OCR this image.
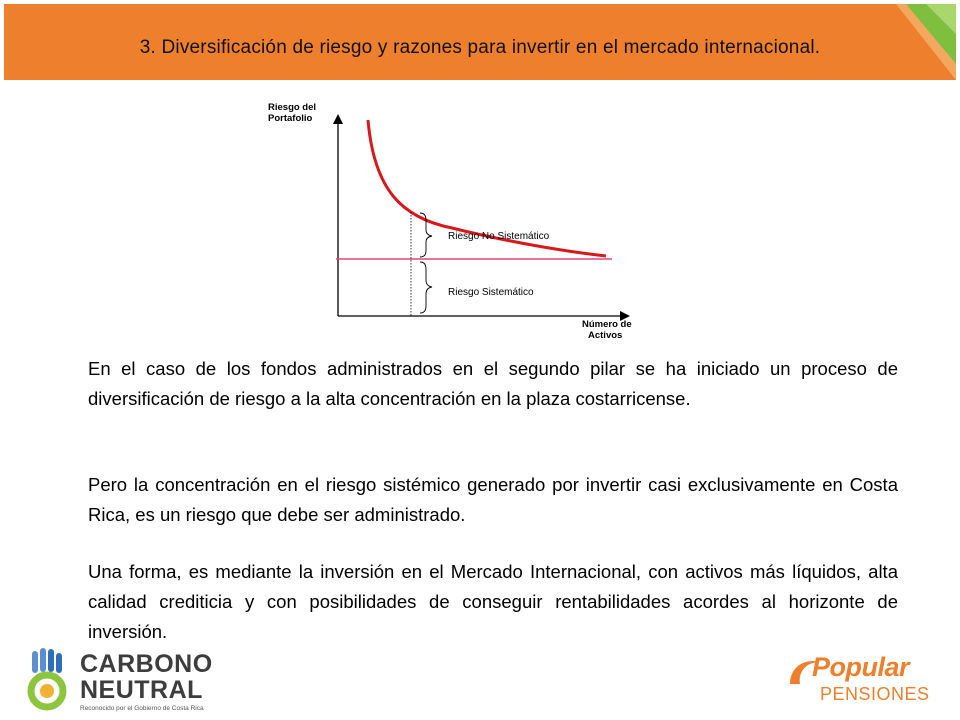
3. Diversificación de riesgo y razones para invertir en el mercado internacional.
Riesgo del
Portafolio
Número de
Activos
Riesgo No Sistemático
Riesgo Sistemático

En el caso de los fondos administrados en el segundo pilar se ha iniciado un proceso de diversificación de riesgo a la alta concentración en la plaza costarricense.

Pero la concentración en el riesgo sistémico generado por invertir casi exclusivamente en Costa Rica, es un riesgo que debe ser administrado.

Una forma, es mediante la inversión en el Mercado Internacional, con activos más líquidos, alta calidad crediticia y con posibilidades de conseguir rentabilidades acordes al horizonte de inversión.

CARBONO
NEUTRAL
Reconocido por el Gobierno de Costa Rica
Popular
PENSIONES
